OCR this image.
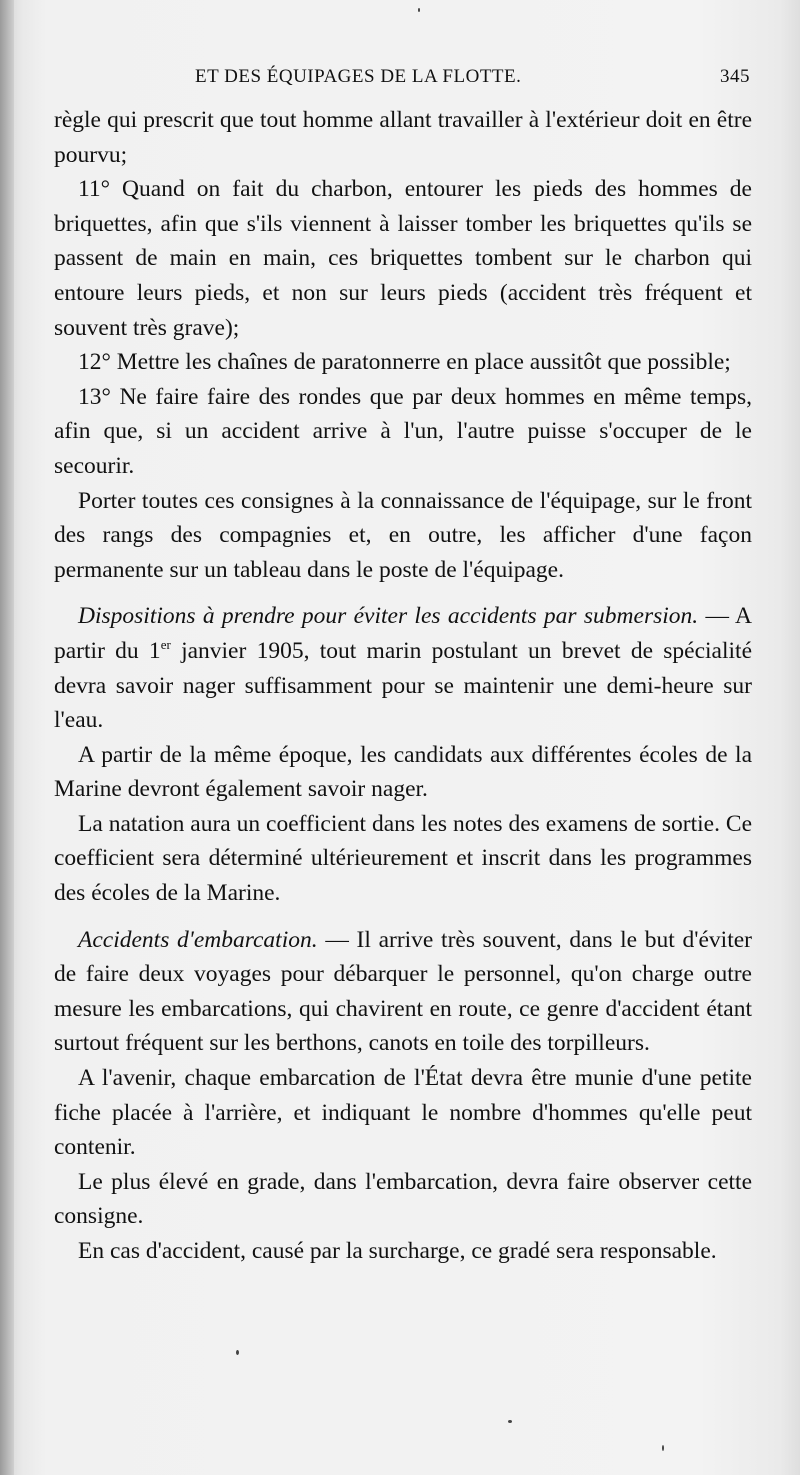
ET DES ÉQUIPAGES DE LA FLOTTE.	345

règle qui prescrit que tout homme allant travailler à l'extérieur doit en être pourvu;

11° Quand on fait du charbon, entourer les pieds des hommes de briquettes, afin que s'ils viennent à laisser tomber les briquettes qu'ils se passent de main en main, ces briquettes tombent sur le charbon qui entoure leurs pieds, et non sur leurs pieds (accident très fréquent et souvent très grave);

12° Mettre les chaînes de paratonnerre en place aussitôt que possible;

13° Ne faire faire des rondes que par deux hommes en même temps, afin que, si un accident arrive à l'un, l'autre puisse s'occuper de le secourir.

Porter toutes ces consignes à la connaissance de l'équipage, sur le front des rangs des compagnies et, en outre, les afficher d'une façon permanente sur un tableau dans le poste de l'équipage.

Dispositions à prendre pour éviter les accidents par submersion. — A partir du 1er janvier 1905, tout marin postulant un brevet de spécialité devra savoir nager suffisamment pour se maintenir une demi-heure sur l'eau.

A partir de la même époque, les candidats aux différentes écoles de la Marine devront également savoir nager.

La natation aura un coefficient dans les notes des examens de sortie. Ce coefficient sera déterminé ultérieurement et inscrit dans les programmes des écoles de la Marine.

Accidents d'embarcation. — Il arrive très souvent, dans le but d'éviter de faire deux voyages pour débarquer le personnel, qu'on charge outre mesure les embarcations, qui chavirent en route, ce genre d'accident étant surtout fréquent sur les berthons, canots en toile des torpilleurs.

A l'avenir, chaque embarcation de l'État devra être munie d'une petite fiche placée à l'arrière, et indiquant le nombre d'hommes qu'elle peut contenir.

Le plus élevé en grade, dans l'embarcation, devra faire observer cette consigne.

En cas d'accident, causé par la surcharge, ce gradé sera responsable.
